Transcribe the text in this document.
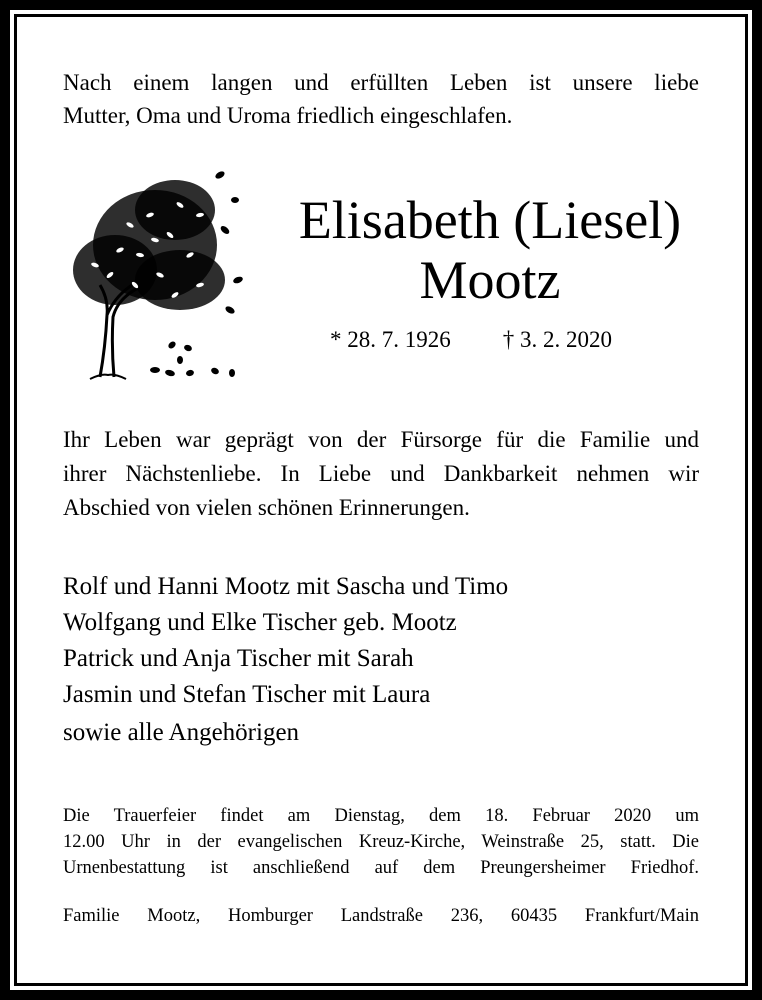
Nach einem langen und erfüllten Leben ist unsere liebe
Mutter, Oma und Uroma friedlich eingeschlafen.
Elisabeth (Liesel)
Mootz
* 28. 7. 1926 † 3. 2. 2020
Ihr Leben war geprägt von der Fürsorge für die Familie und
ihrer Nächstenliebe. In Liebe und Dankbarkeit nehmen wir
Abschied von vielen schönen Erinnerungen.
Rolf und Hanni Mootz mit Sascha und Timo
Wolfgang und Elke Tischer geb. Mootz
Patrick und Anja Tischer mit Sarah
Jasmin und Stefan Tischer mit Laura
sowie alle Angehörigen
Die Trauerfeier findet am Dienstag, dem 18. Februar 2020 um
12.00 Uhr in der evangelischen Kreuz-Kirche, Weinstraße 25, statt. Die
Urnenbestattung ist anschließend auf dem Preungersheimer Friedhof.
Familie Mootz, Homburger Landstraße 236, 60435 Frankfurt/Main
